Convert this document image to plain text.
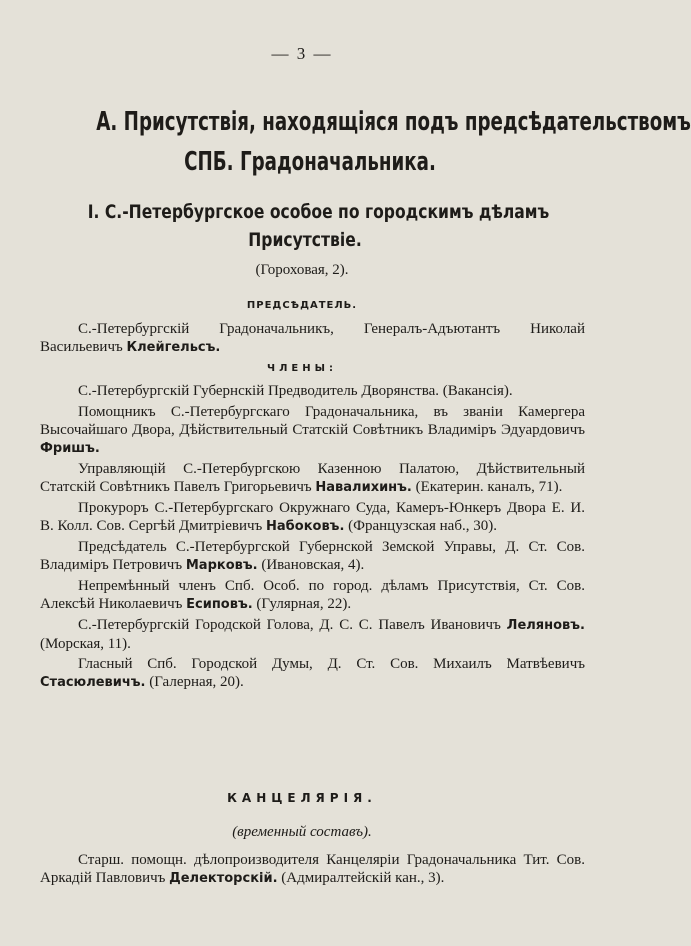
— 3 —
А. Присутствія, находящіяся подъ предсѣдательствомъ
СПБ. Градоначальника.
I. С.-Петербургское особое по городскимъ дѣламъ
Присутствіе.
(Гороховая, 2).
ПРЕДСѢДАТЕЛЬ.

С.-Петербургскій Градоначальникъ, Генералъ-Адъютантъ Николай Васильевичъ Клейгельсъ.

ЧЛЕНЫ:

С.-Петербургскій Губернскій Предводитель Дворянства. (Вакансія).

Помощникъ С.-Петербургскаго Градоначальника, въ званіи Камергера Высочайшаго Двора, Дѣйствительный Статскій Совѣтникъ Владиміръ Эдуардовичъ Фришъ.

Управляющій С.-Петербургскою Казенною Палатою, Дѣйствительный Статскій Совѣтникъ Павелъ Григорьевичъ Навалихинъ. (Екатерин. каналъ, 71).

Прокуроръ С.-Петербургскаго Окружнаго Суда, Камеръ-Юнкеръ Двора Е. И. В. Колл. Сов. Сергѣй Дмитріевичъ Набоковъ. (Французская наб., 30).

Предсѣдатель С.-Петербургской Губернской Земской Управы, Д. Ст. Сов. Владиміръ Петровичъ Марковъ. (Ивановская, 4).

Непремѣнный членъ Спб. Особ. по город. дѣламъ Присутствія, Ст. Сов. Алексѣй Николаевичъ Есиповъ. (Гулярная, 22).

С.-Петербургскій Городской Голова, Д. С. С. Павелъ Ивановичъ Леляновъ. (Морская, 11).

Гласный Спб. Городской Думы, Д. Ст. Сов. Михаилъ Матвѣевичъ Стасюлевичъ. (Галерная, 20).

КАНЦЕЛЯРІЯ.
(временный составъ).

Старш. помощн. дѣлопроизводителя Канцеляріи Градоначальника Тит. Сов. Аркадій Павловичъ Делекторскій. (Адмиралтейскій кан., 3).
